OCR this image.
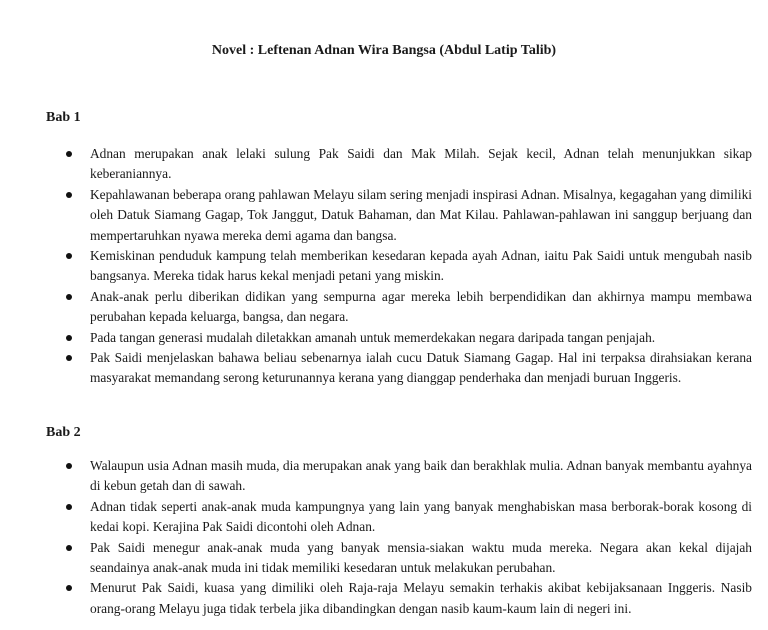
Novel : Leftenan Adnan Wira Bangsa (Abdul Latip Talib)
Bab 1
Adnan merupakan anak lelaki sulung Pak Saidi dan Mak Milah. Sejak kecil, Adnan telah menunjukkan sikap keberaniannya.
Kepahlawanan beberapa orang pahlawan Melayu silam sering menjadi inspirasi Adnan. Misalnya, kegagahan yang dimiliki oleh Datuk Siamang Gagap, Tok Janggut, Datuk Bahaman, dan Mat Kilau. Pahlawan-pahlawan ini sanggup berjuang dan mempertaruhkan nyawa mereka demi agama dan bangsa.
Kemiskinan penduduk kampung telah memberikan kesedaran kepada ayah Adnan, iaitu Pak Saidi untuk mengubah nasib bangsanya. Mereka tidak harus kekal menjadi petani yang miskin.
Anak-anak perlu diberikan didikan yang sempurna agar mereka lebih berpendidikan dan akhirnya mampu membawa perubahan kepada keluarga, bangsa, dan negara.
Pada tangan generasi mudalah diletakkan amanah untuk memerdekakan negara daripada tangan penjajah.
Pak Saidi menjelaskan bahawa beliau sebenarnya ialah cucu Datuk Siamang Gagap. Hal ini terpaksa dirahsiakan kerana masyarakat memandang serong keturunannya kerana yang dianggap penderhaka dan menjadi buruan Inggeris.
Bab 2
Walaupun usia Adnan masih muda, dia merupakan anak yang baik dan berakhlak mulia. Adnan banyak membantu ayahnya di kebun getah dan di sawah.
Adnan tidak seperti anak-anak muda kampungnya yang lain yang banyak menghabiskan masa berborak-borak kosong di kedai kopi. Kerajina Pak Saidi dicontohi oleh Adnan.
Pak Saidi menegur anak-anak muda yang banyak mensia-siakan waktu muda mereka. Negara akan kekal dijajah seandainya anak-anak muda ini tidak memiliki kesedaran untuk melakukan perubahan.
Menurut Pak Saidi, kuasa yang dimiliki oleh Raja-raja Melayu semakin terhakis akibat kebijaksanaan Inggeris. Nasib orang-orang Melayu juga tidak terbela jika dibandingkan dengan nasib kaum-kaum lain di negeri ini.
